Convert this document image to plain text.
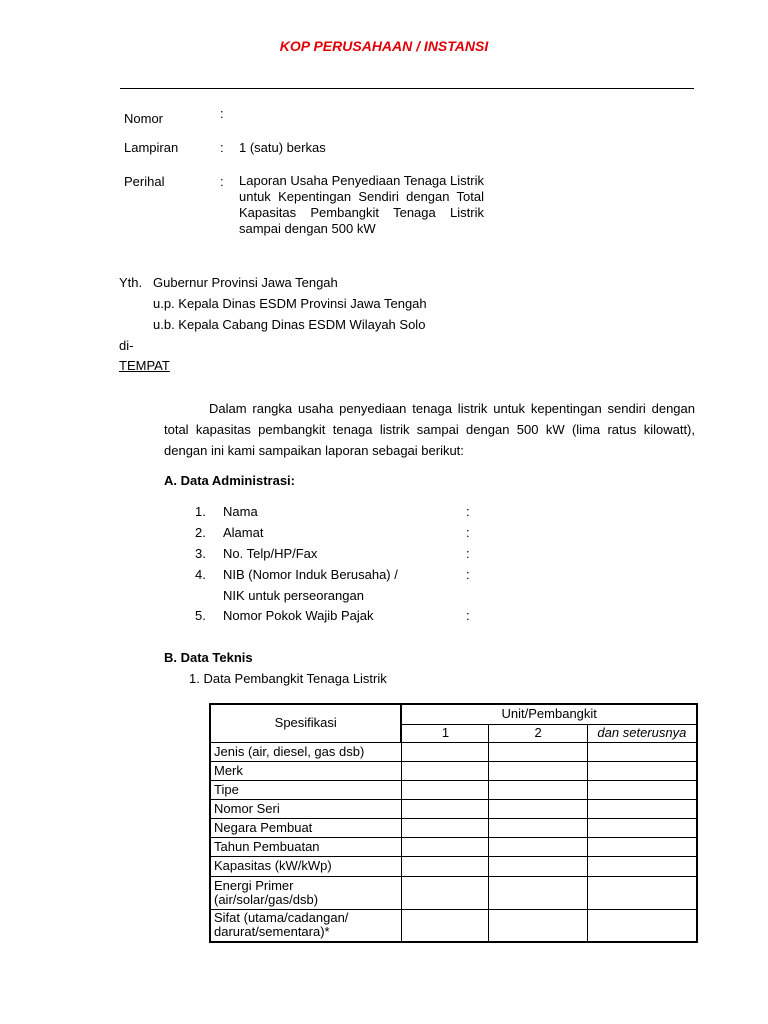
KOP PERUSAHAAN / INSTANSI
Nomor	:
Lampiran	: 1 (satu) berkas
Perihal	: Laporan Usaha Penyediaan Tenaga Listrik untuk Kepentingan Sendiri dengan Total Kapasitas Pembangkit Tenaga Listrik sampai dengan 500 kW
Yth. Gubernur Provinsi Jawa Tengah
u.p. Kepala Dinas ESDM Provinsi Jawa Tengah
u.b. Kepala Cabang Dinas ESDM Wilayah Solo
di-
TEMPAT
Dalam rangka usaha penyediaan tenaga listrik untuk kepentingan sendiri dengan total kapasitas pembangkit tenaga listrik sampai dengan 500 kW (lima ratus kilowatt), dengan ini kami sampaikan laporan sebagai berikut:
A. Data Administrasi:
1. Nama	:
2. Alamat	:
3. No. Telp/HP/Fax	:
4. NIB (Nomor Induk Berusaha) /
NIK untuk perseorangan
:
5. Nomor Pokok Wajib Pajak	:
B. Data Teknis
1. Data Pembangkit Tenaga Listrik
Spesifikasi	Unit/Pembangkit		
	1	2	dan seterusnya
Jenis (air, diesel, gas dsb)			
Merk			
Tipe			
Nomor Seri			
Negara Pembuat			
Tahun Pembuatan			
Kapasitas (kW/kWp)			
Energi Primer (air/solar/gas/dsb)			
Sifat (utama/cadangan/ darurat/sementara)*			
